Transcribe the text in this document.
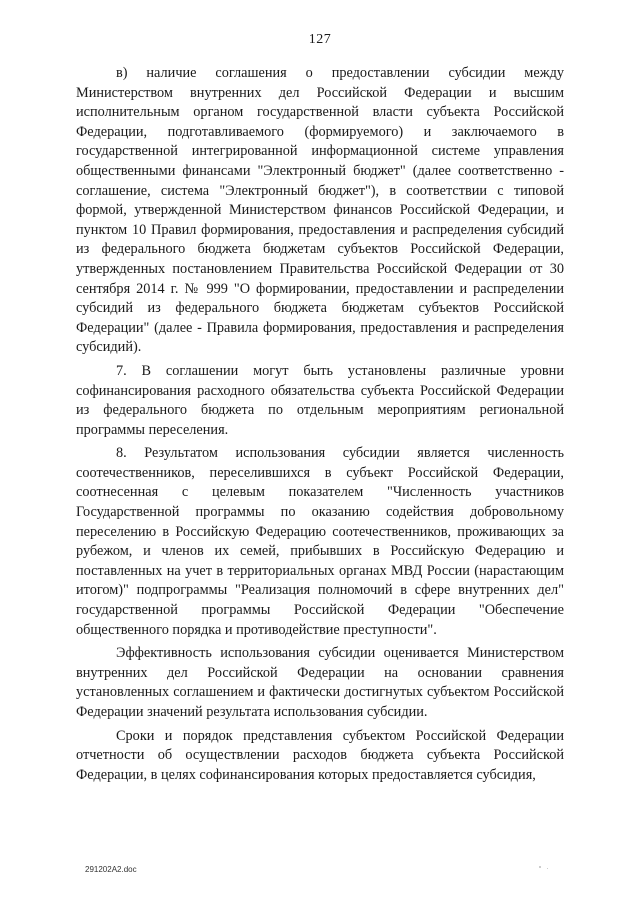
127

в) наличие соглашения о предоставлении субсидии между Министерством внутренних дел Российской Федерации и высшим исполнительным органом государственной власти субъекта Российской Федерации, подготавливаемого (формируемого) и заключаемого в государственной интегрированной информационной системе управления общественными финансами "Электронный бюджет" (далее соответственно - соглашение, система "Электронный бюджет"), в соответствии с типовой формой, утвержденной Министерством финансов Российской Федерации, и пунктом 10 Правил формирования, предоставления и распределения субсидий из федерального бюджета бюджетам субъектов Российской Федерации, утвержденных постановлением Правительства Российской Федерации от 30 сентября 2014 г. № 999 "О формировании, предоставлении и распределении субсидий из федерального бюджета бюджетам субъектов Российской Федерации" (далее - Правила формирования, предоставления и распределения субсидий).

7. В соглашении могут быть установлены различные уровни софинансирования расходного обязательства субъекта Российской Федерации из федерального бюджета по отдельным мероприятиям региональной программы переселения.

8. Результатом использования субсидии является численность соотечественников, переселившихся в субъект Российской Федерации, соотнесенная с целевым показателем "Численность участников Государственной программы по оказанию содействия добровольному переселению в Российскую Федерацию соотечественников, проживающих за рубежом, и членов их семей, прибывших в Российскую Федерацию и поставленных на учет в территориальных органах МВД России (нарастающим итогом)" подпрограммы "Реализация полномочий в сфере внутренних дел" государственной программы Российской Федерации "Обеспечение общественного порядка и противодействие преступности".

Эффективность использования субсидии оценивается Министерством внутренних дел Российской Федерации на основании сравнения установленных соглашением и фактически достигнутых субъектом Российской Федерации значений результата использования субсидии.

Сроки и порядок представления субъектом Российской Федерации отчетности об осуществлении расходов бюджета субъекта Российской Федерации, в целях софинансирования которых предоставляется субсидия,

291202A2.doc
